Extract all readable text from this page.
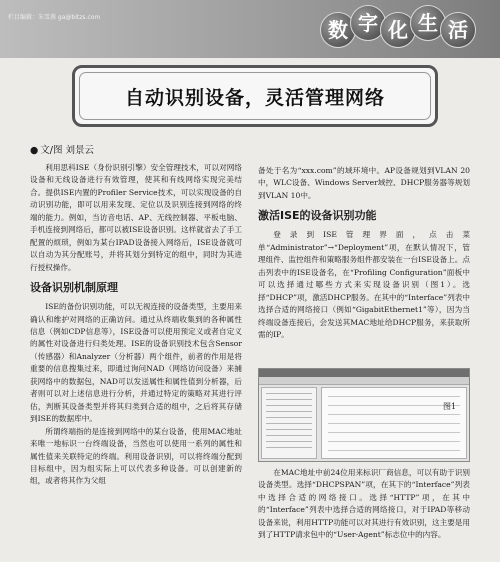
栏目编辑：朱雪燕 ga@bitzs.com
数 字 化 生 活
自动识别设备，灵活管理网络
● 文/图 刘景云

利用思科ISE（身份识别引擎）安全管理技术，可以对网络设备和无线设备进行有效管理，使其和有线网络实现完美结合。提供ISE内置的Profiler Service技术，可以实现设备的自动识别功能，即可以用来发现、定位以及识别连接到网络的终端的能力。例如，当访音电话、AP、无线控制器、平板电脑、手机连接到网络后，都可以被ISE设备识别。这样就省去了手工配置的烦琐，例如为某台IPAD设备接入网络后，ISE设备就可以自动为其分配账号，并将其划分到特定的组中，同时为其进行授权操作。

设备识别机制原理

ISE的备份识别功能，可以无视连接的设备类型，主要用来确认和维护对网络的正确访问。通过从终端收集到的各种属性信息（例如CDP信息等），ISE设备可以使用预定义或者自定义的属性对设备进行归类处理。ISE的设备识别技术包含Sensor（传感器）和Analyzer（分析器）两个组件，前者的作用是将重要的信息搜集过来，即通过询问NAD（网络访问设备）来捕获网络中的数据包，NAD可以发送属性和属性值到分析器，后者则可以对上述信息进行分析，并通过特定的策略对其进行评估，判断其设备类型并将其归类到合适的组中，之后将其存储到ISE的数据库中。

所谓终端指的是连接到网络中的某台设备，使用MAC地址来唯一地标识一台终端设备，当然也可以使用一系列的属性和属性值来关联特定的终端。利用设备识别，可以将终端分配到目标组中，因为组实际上可以代表多种设备。可以创建新的组，或者将其作为父组

备处于名为“xxx.com”的域环境中。AP设备规划到VLAN 20中，WLC设备、Windows Server域控、DHCP服务器等规划到VLAN 10中。

激活ISE的设备识别功能

登录到ISE管理界面，点击菜单“Administrator”→“Deployment”项，在默认情况下，管理组件、监控组件和策略服务组件都安装在一台ISE设备上。点击列表中的ISE设备名，在“Profiling Configuration”面板中可以选择通过哪些方式来实现设备识别（图1）。选择“DHCP”项，激活DHCP服务。在其中的“Interface”列表中选择合适的网络接口（例如“GigabitEthernet1”等），因为当终端设备连接后，会发送其MAC地址给DHCP服务，来获取所需的IP。

图1

在MAC地址中前24位用来标识厂商信息，可以有助于识别设备类型。选择“DHCPSPAN”项，在其下的“Interface”列表中选择合适的网络接口。选择“HTTP”项，在其中的“Interface”列表中选择合适的网络接口，对于IPAD等移动设备来说，利用HTTP功能可以对其进行有效识别，这主要是用到了HTTP请求包中的“User-Agent”标志位中的内容。
